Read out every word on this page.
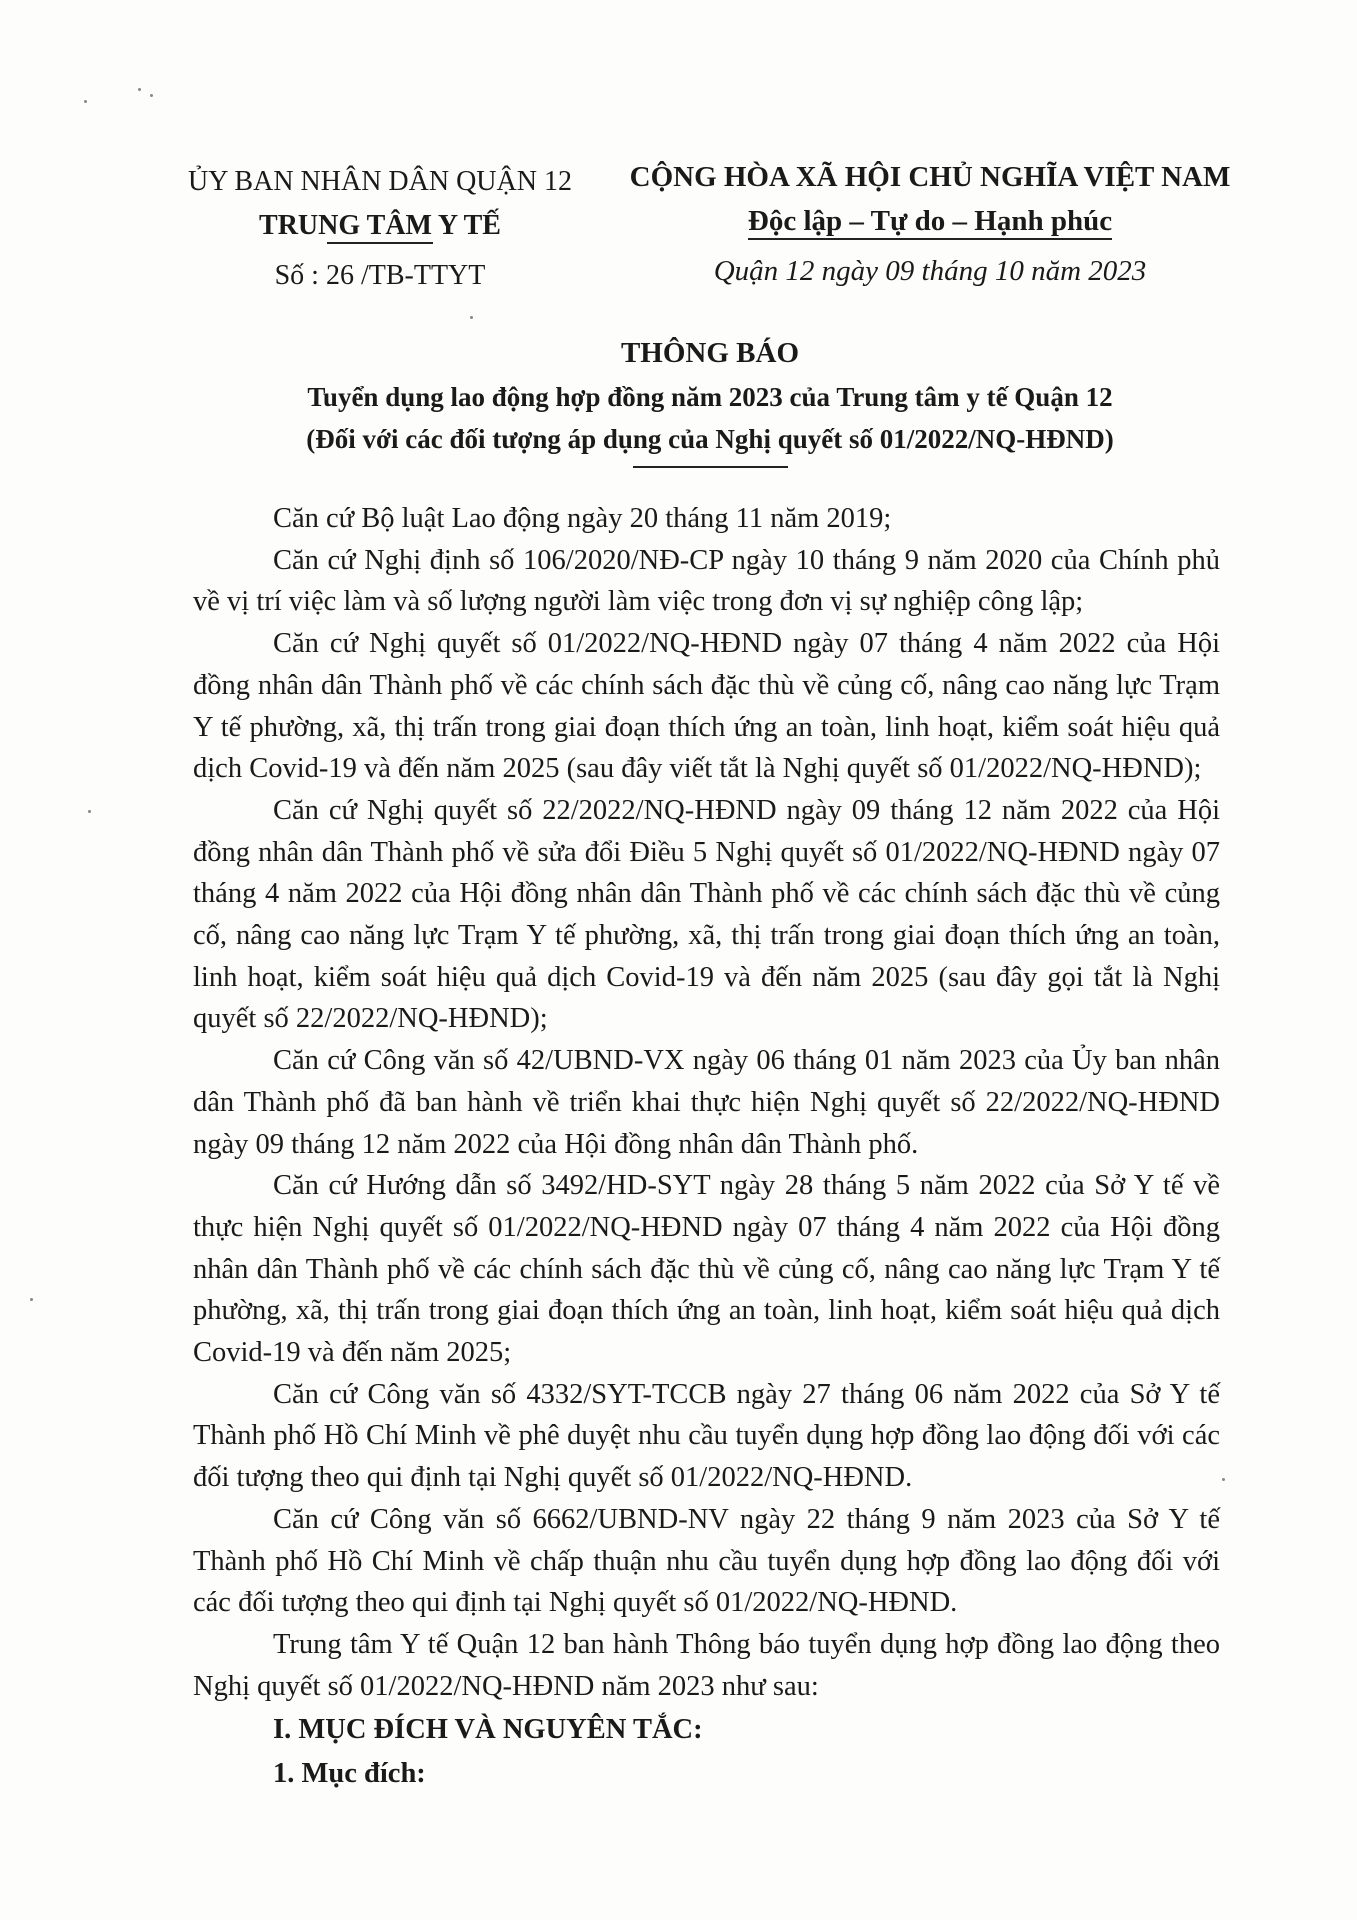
ỦY BAN NHÂN DÂN QUẬN 12
TRUNG TÂM Y TẾ
Số : 26 /TB-TTYT
CỘNG HÒA XÃ HỘI CHỦ NGHĨA VIỆT NAM
Độc lập – Tự do – Hạnh phúc
Quận 12 ngày 09 tháng 10 năm 2023
THÔNG BÁO
Tuyển dụng lao động hợp đồng năm 2023 của Trung tâm y tế Quận 12
(Đối với các đối tượng áp dụng của Nghị quyết số 01/2022/NQ-HĐND)

Căn cứ Bộ luật Lao động ngày 20 tháng 11 năm 2019;

Căn cứ Nghị định số 106/2020/NĐ-CP ngày 10 tháng 9 năm 2020 của Chính phủ về vị trí việc làm và số lượng người làm việc trong đơn vị sự nghiệp công lập;

Căn cứ Nghị quyết số 01/2022/NQ-HĐND ngày 07 tháng 4 năm 2022 của Hội đồng nhân dân Thành phố về các chính sách đặc thù về củng cố, nâng cao năng lực Trạm Y tế phường, xã, thị trấn trong giai đoạn thích ứng an toàn, linh hoạt, kiểm soát hiệu quả dịch Covid-19 và đến năm 2025 (sau đây viết tắt là Nghị quyết số 01/2022/NQ-HĐND);

Căn cứ Nghị quyết số 22/2022/NQ-HĐND ngày 09 tháng 12 năm 2022 của Hội đồng nhân dân Thành phố về sửa đổi Điều 5 Nghị quyết số 01/2022/NQ-HĐND ngày 07 tháng 4 năm 2022 của Hội đồng nhân dân Thành phố về các chính sách đặc thù về củng cố, nâng cao năng lực Trạm Y tế phường, xã, thị trấn trong giai đoạn thích ứng an toàn, linh hoạt, kiểm soát hiệu quả dịch Covid-19 và đến năm 2025 (sau đây gọi tắt là Nghị quyết số 22/2022/NQ-HĐND);

Căn cứ Công văn số 42/UBND-VX ngày 06 tháng 01 năm 2023 của Ủy ban nhân dân Thành phố đã ban hành về triển khai thực hiện Nghị quyết số 22/2022/NQ-HĐND ngày 09 tháng 12 năm 2022 của Hội đồng nhân dân Thành phố.

Căn cứ Hướng dẫn số 3492/HD-SYT ngày 28 tháng 5 năm 2022 của Sở Y tế về thực hiện Nghị quyết số 01/2022/NQ-HĐND ngày 07 tháng 4 năm 2022 của Hội đồng nhân dân Thành phố về các chính sách đặc thù về củng cố, nâng cao năng lực Trạm Y tế phường, xã, thị trấn trong giai đoạn thích ứng an toàn, linh hoạt, kiểm soát hiệu quả dịch Covid-19 và đến năm 2025;

Căn cứ Công văn số 4332/SYT-TCCB ngày 27 tháng 06 năm 2022 của Sở Y tế Thành phố Hồ Chí Minh về phê duyệt nhu cầu tuyển dụng hợp đồng lao động đối với các đối tượng theo qui định tại Nghị quyết số 01/2022/NQ-HĐND.

Căn cứ Công văn số 6662/UBND-NV ngày 22 tháng 9 năm 2023 của Sở Y tế Thành phố Hồ Chí Minh về chấp thuận nhu cầu tuyển dụng hợp đồng lao động đối với các đối tượng theo qui định tại Nghị quyết số 01/2022/NQ-HĐND.

Trung tâm Y tế Quận 12 ban hành Thông báo tuyển dụng hợp đồng lao động theo Nghị quyết số 01/2022/NQ-HĐND năm 2023 như sau:

I. MỤC ĐÍCH VÀ NGUYÊN TẮC:

1. Mục đích:
